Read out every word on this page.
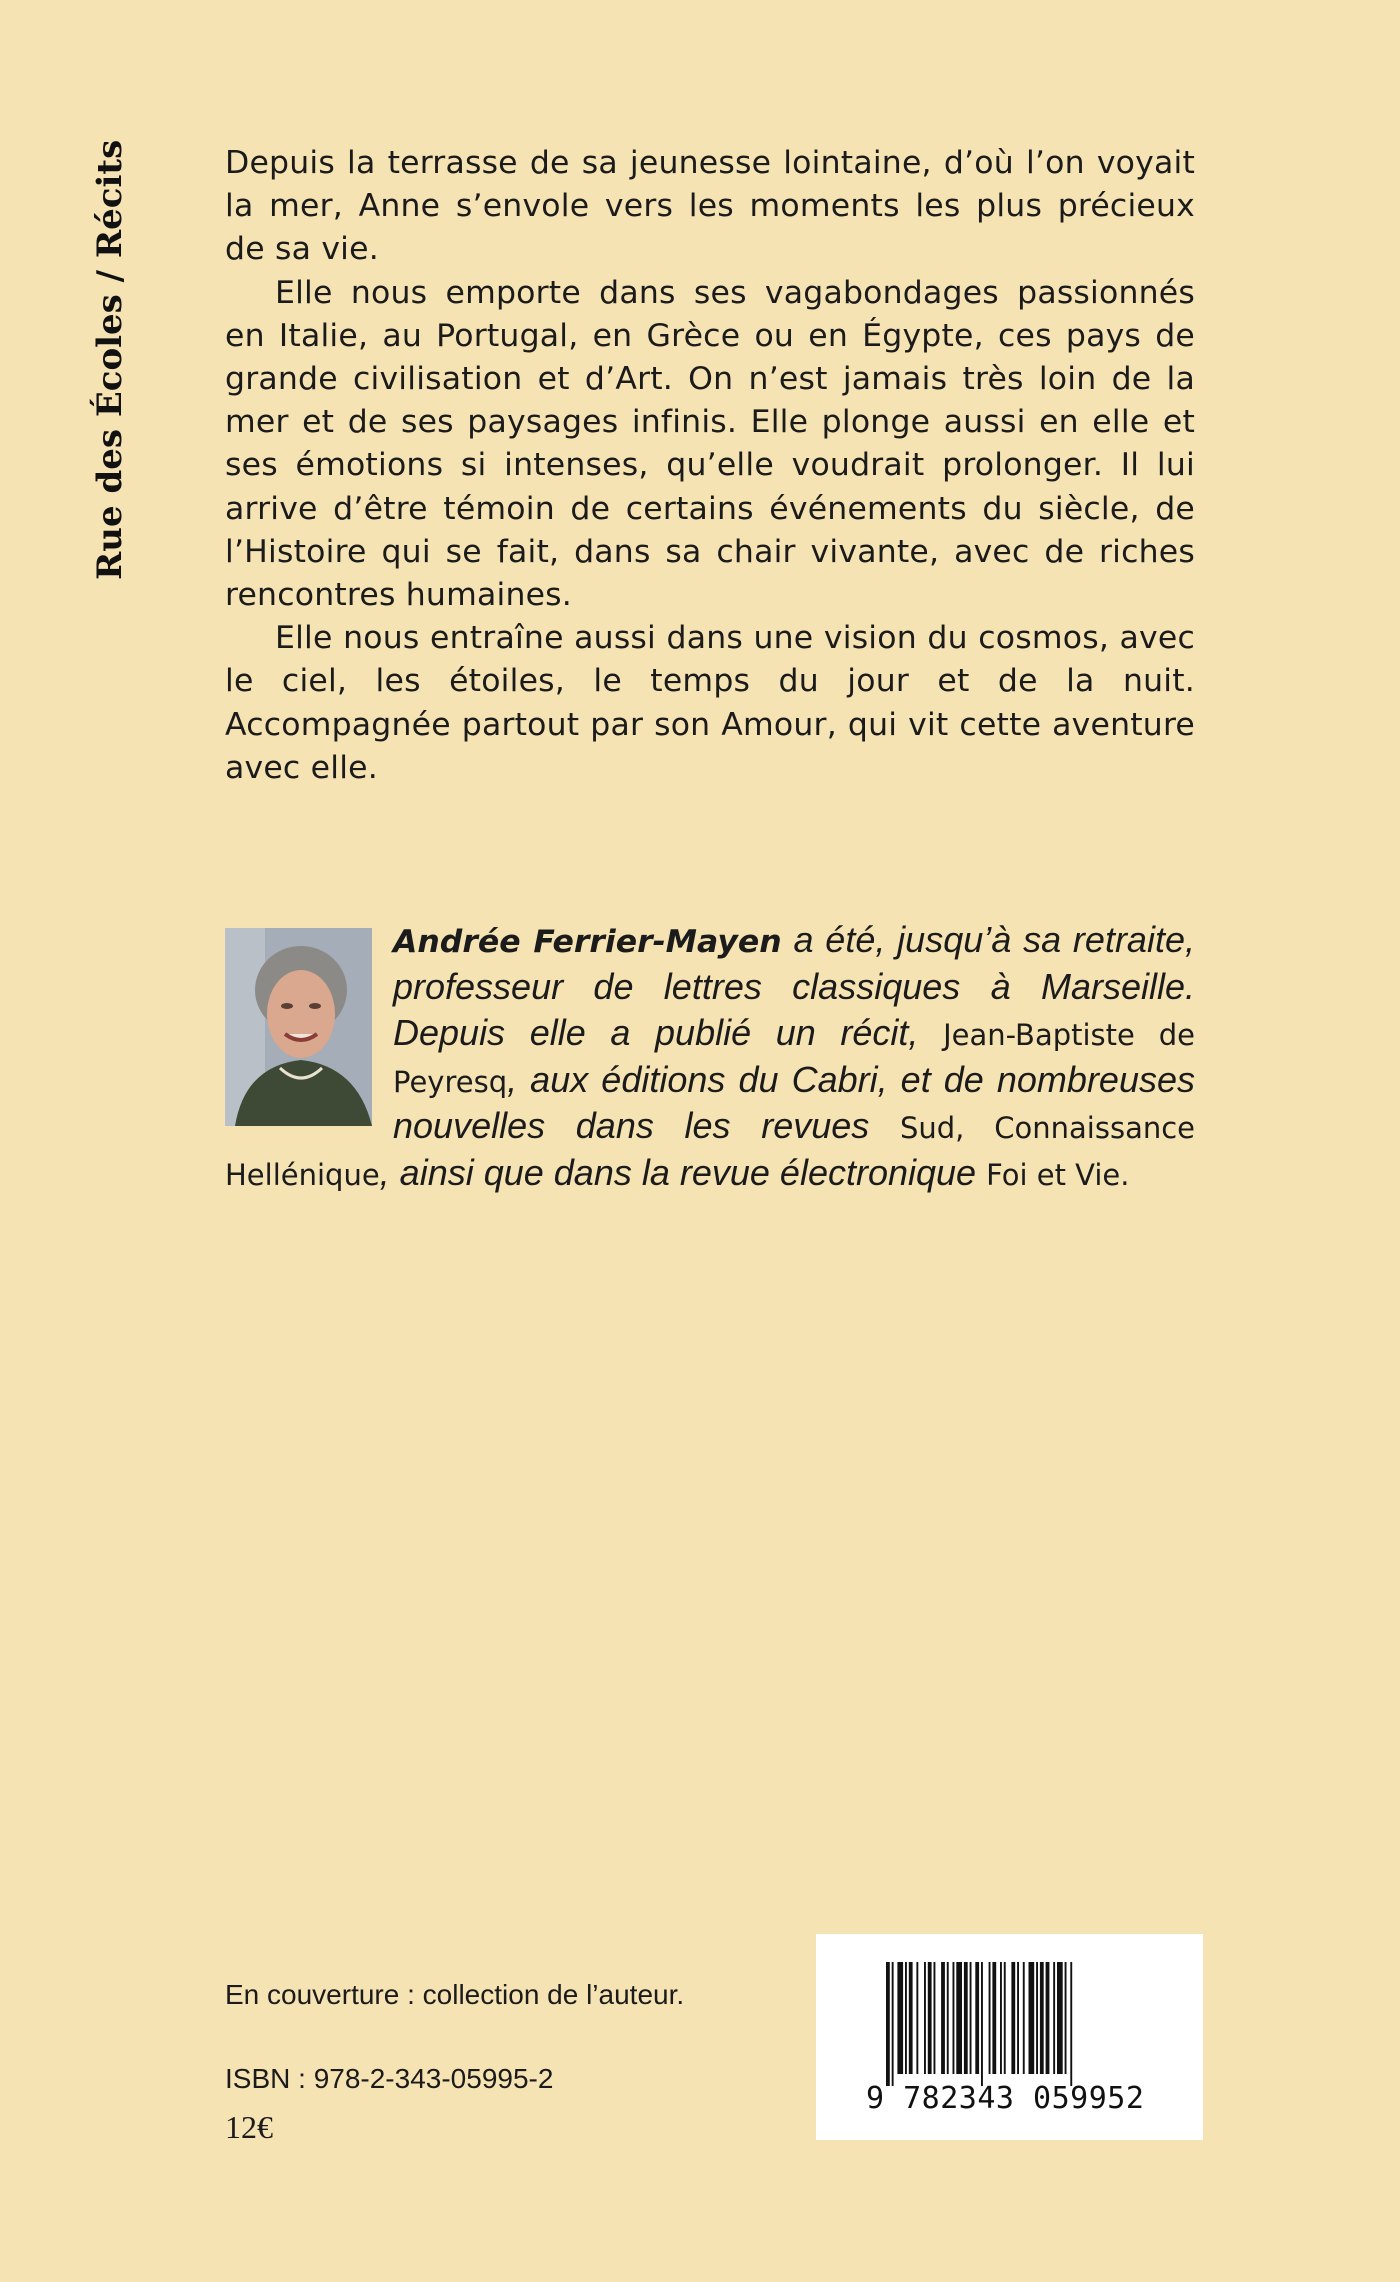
Rue des Écoles / Récits	Depuis la terrasse de sa jeunesse lointaine, d’où l’on voyait la mer, Anne s’envole vers les moments les plus précieux de sa vie.

Elle nous emporte dans ses vagabondages passionnés en Italie, au Portugal, en Grèce ou en Égypte, ces pays de grande civilisation et d’Art. On n’est jamais très loin de la mer et de ses paysages infinis. Elle plonge aussi en elle et ses émotions si intenses, qu’elle voudrait prolonger. Il lui arrive d’être témoin de certains événements du siècle, de l’Histoire qui se fait, dans sa chair vivante, avec de riches rencontres humaines.

Elle nous entraîne aussi dans une vision du cosmos, avec le ciel, les étoiles, le temps du jour et de la nuit. Accompagnée partout par son Amour, qui vit cette aventure avec elle.

Andrée Ferrier-Mayen a été, jusqu’à sa retraite, professeur de lettres classiques à Marseille. Depuis elle a publié un récit, Jean-Baptiste de Peyresq, aux éditions du Cabri, et de nombreuses nouvelles dans les revues Sud, Connaissance Hellénique, ainsi que dans la revue électronique Foi et Vie.
En couverture : collection de l’auteur.
ISBN : 978-2-343-05995-2
12€
9 782343 059952
